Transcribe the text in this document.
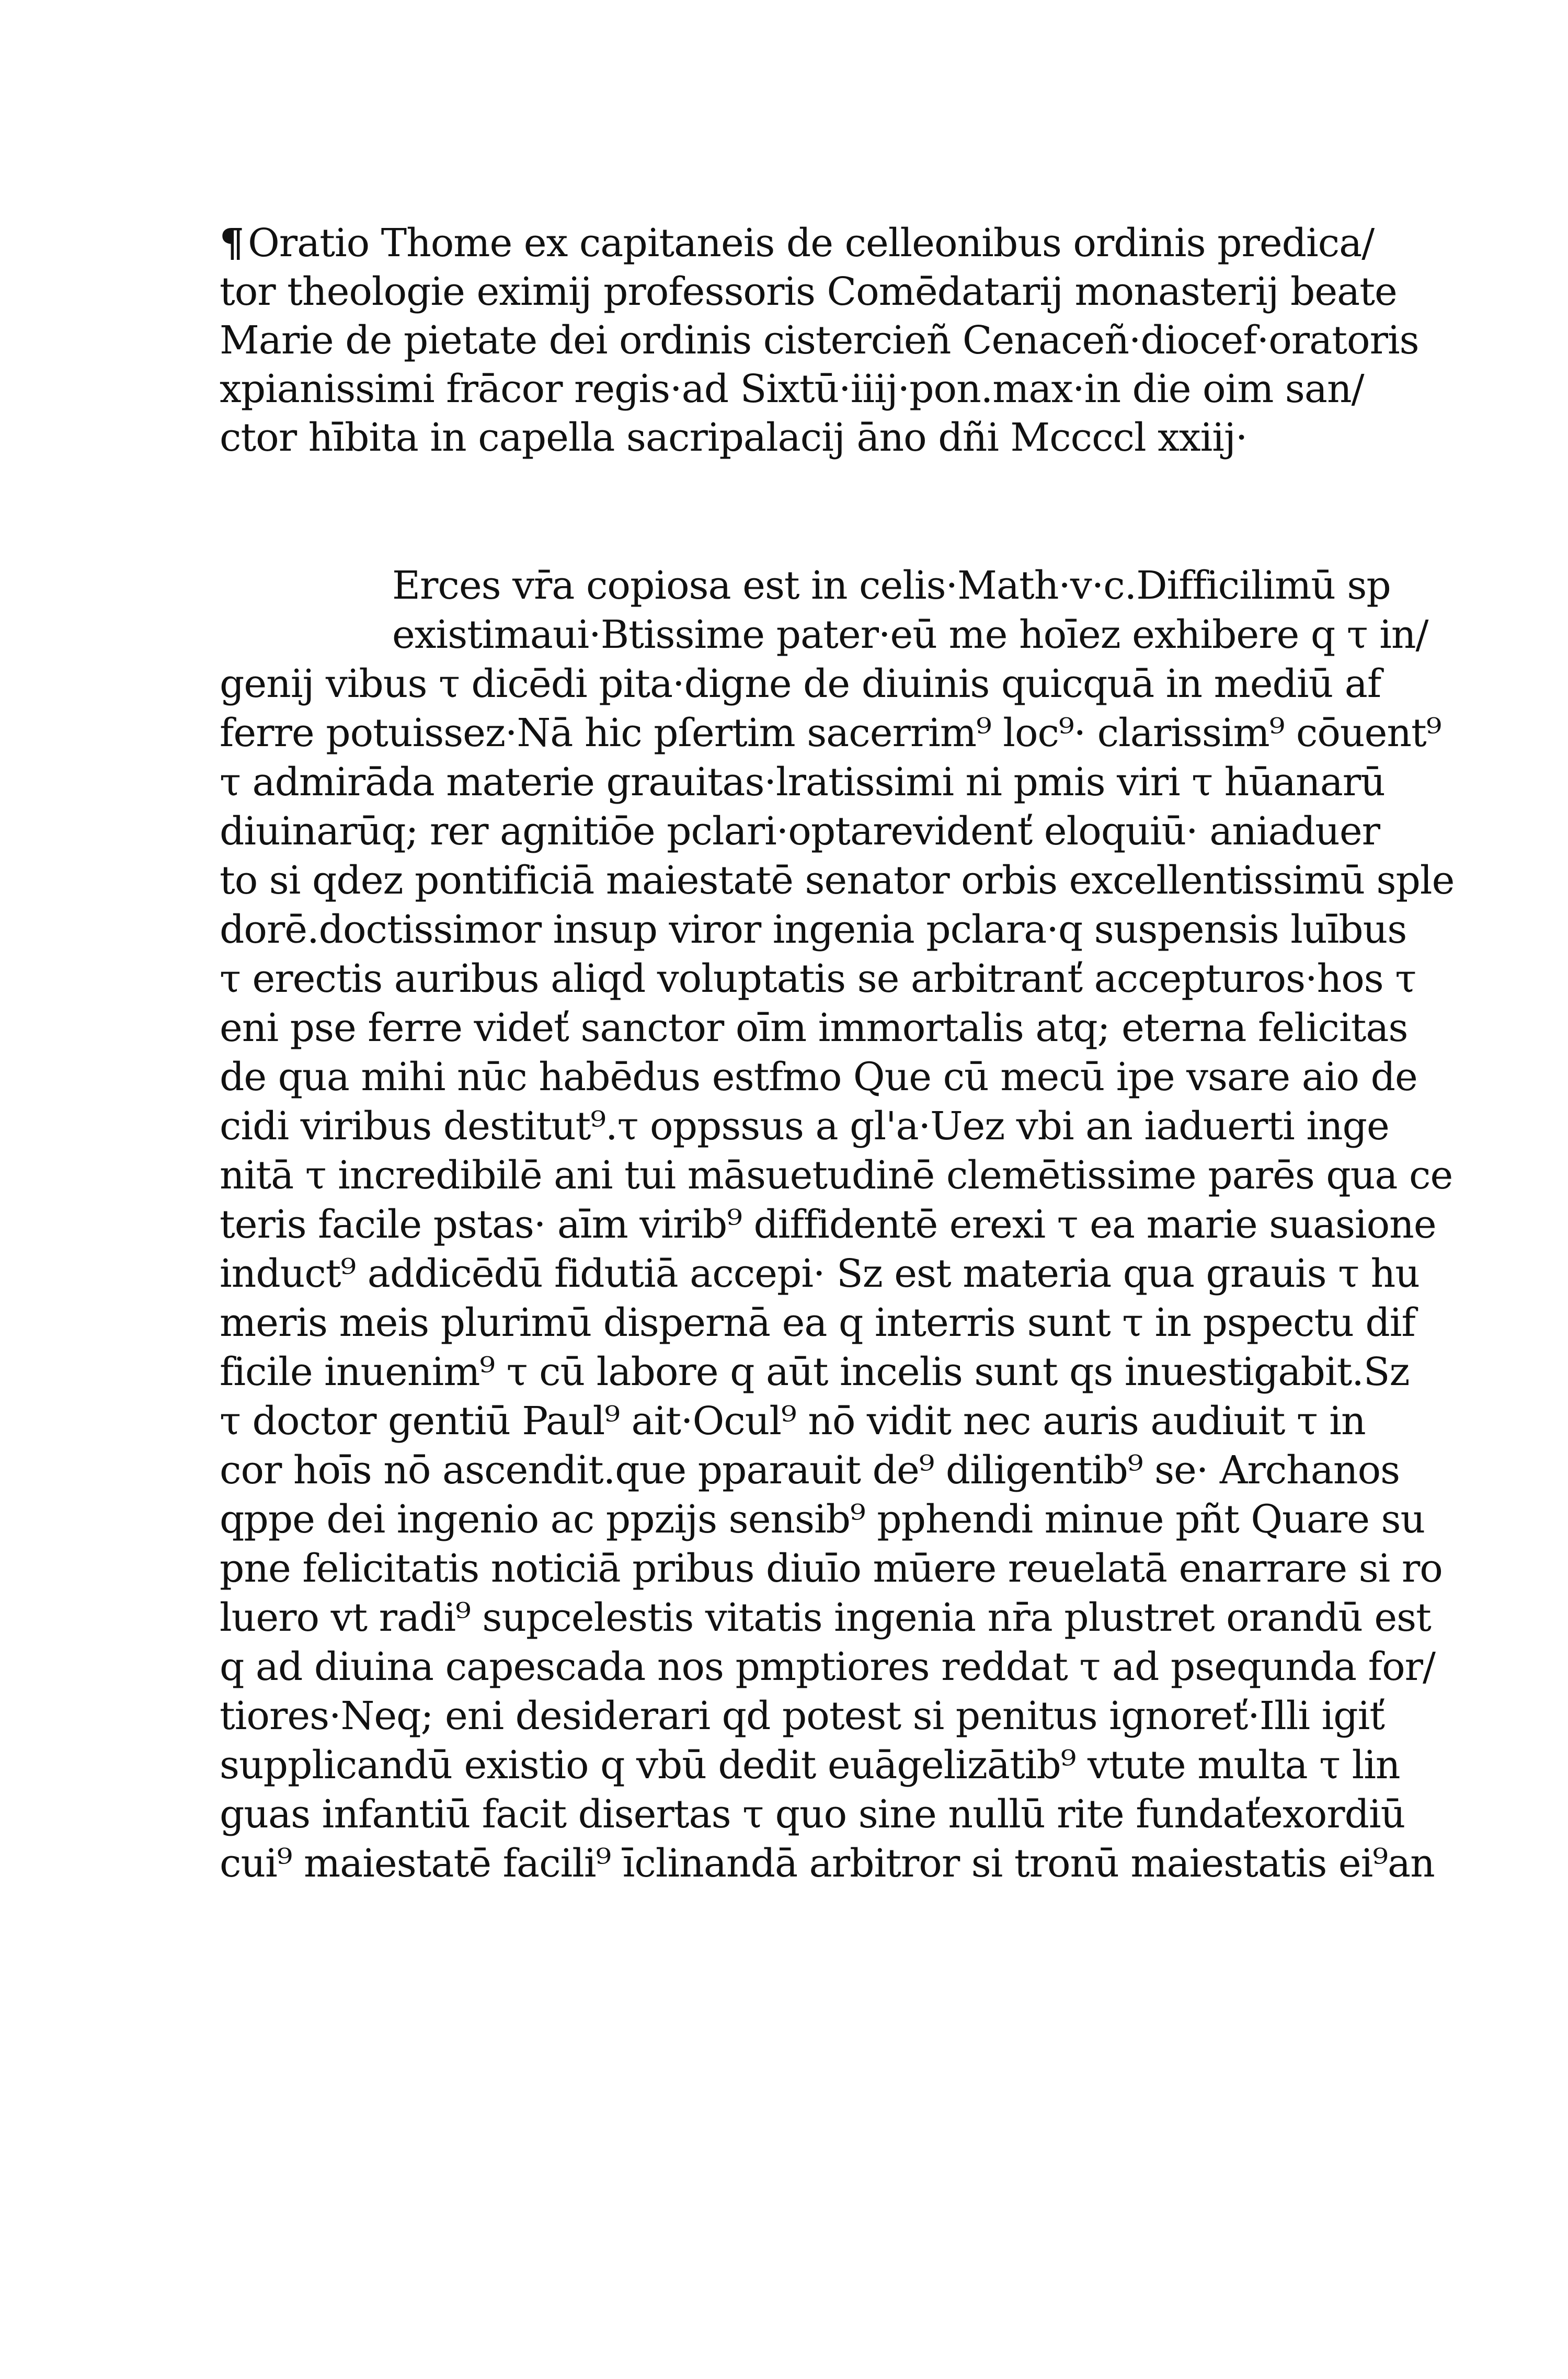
¶ Oratio Thome ex capitaneis de celleonibus ordinis predica/
tor theologie eximij professoris Comēdatarij monasterij beate
Marie de pietate dei ordinis cistercieñ Cenaceñ·diocef·oratoris
xpianissimi frācor regis·ad Sixtū·iiij·pon.max·in die oim san/
ctor hībita in capella sacripalacij āno dñi Mccccl xxiij·
Erces vr̄a copiosa est in celis·Math·v·c.Difficilimū sp
existimaui·Btissime pater·eū me hoīez exhibere q τ in/
genij vibus τ dicēdi pita·digne de diuinis quicquā in mediū af
ferre potuissez·Nā hic pſertim sacerrim⁹ loc⁹· clarissim⁹ cōuent⁹
τ admirāda materie grauitas·lratissimi ni pmis viri τ hūanarū
diuinarūq; rer agnitiōe pclari·optarevidenť eloquiū· aniaduer
to si qdez pontificiā maiestatē senator orbis excellentissimū sple
dorē.doctissimor insup viror ingenia pclara·q suspensis luībus
τ erectis auribus aliqd voluptatis se arbitranť accepturos·hos τ
eni pse ferre videť sanctor oīm immortalis atq; eterna felicitas
de qua mihi nūc habēdus estfmo Que cū mecū ipe vsare aio de
cidi viribus destitut⁹.τ oppssus a gl'a·Uez vbi an iaduerti inge
nitā τ incredibilē ani tui māsuetudinē clemētissime parēs qua ce
teris facile pstas· aīm virib⁹ diffidentē erexi τ ea marie suasione
induct⁹ addicēdū fidutiā accepi· Sz est materia qua grauis τ hu
meris meis plurimū dispernā ea q interris sunt τ in pspectu dif
ficile inuenim⁹ τ cū labore q aūt incelis sunt qs inuestigabit.Sz
τ doctor gentiū Paul⁹ ait·Ocul⁹ nō vidit nec auris audiuit τ in
cor hoīs nō ascendit.que pparauit de⁹ diligentib⁹ se· Archanos
qppe dei ingenio ac ppzijs sensib⁹ pphendi minue pñt Quare su
pne felicitatis noticiā pribus diuīo mūere reuelatā enarrare si ro
luero vt radi⁹ supcelestis vitatis ingenia nr̄a plustret orandū est
q ad diuina capescada nos pmptiores reddat τ ad psequnda for/
tiores·Neq; eni desiderari qd potest si penitus ignoreť·Illi igiť
supplicandū existio q vbū dedit euāgelizātib⁹ vtute multa τ lin
guas infantiū facit disertas τ quo sine nullū rite fundaťexordiū
cui⁹ maiestatē facili⁹ īclinandā arbitror si tronū maiestatis ei⁹an
